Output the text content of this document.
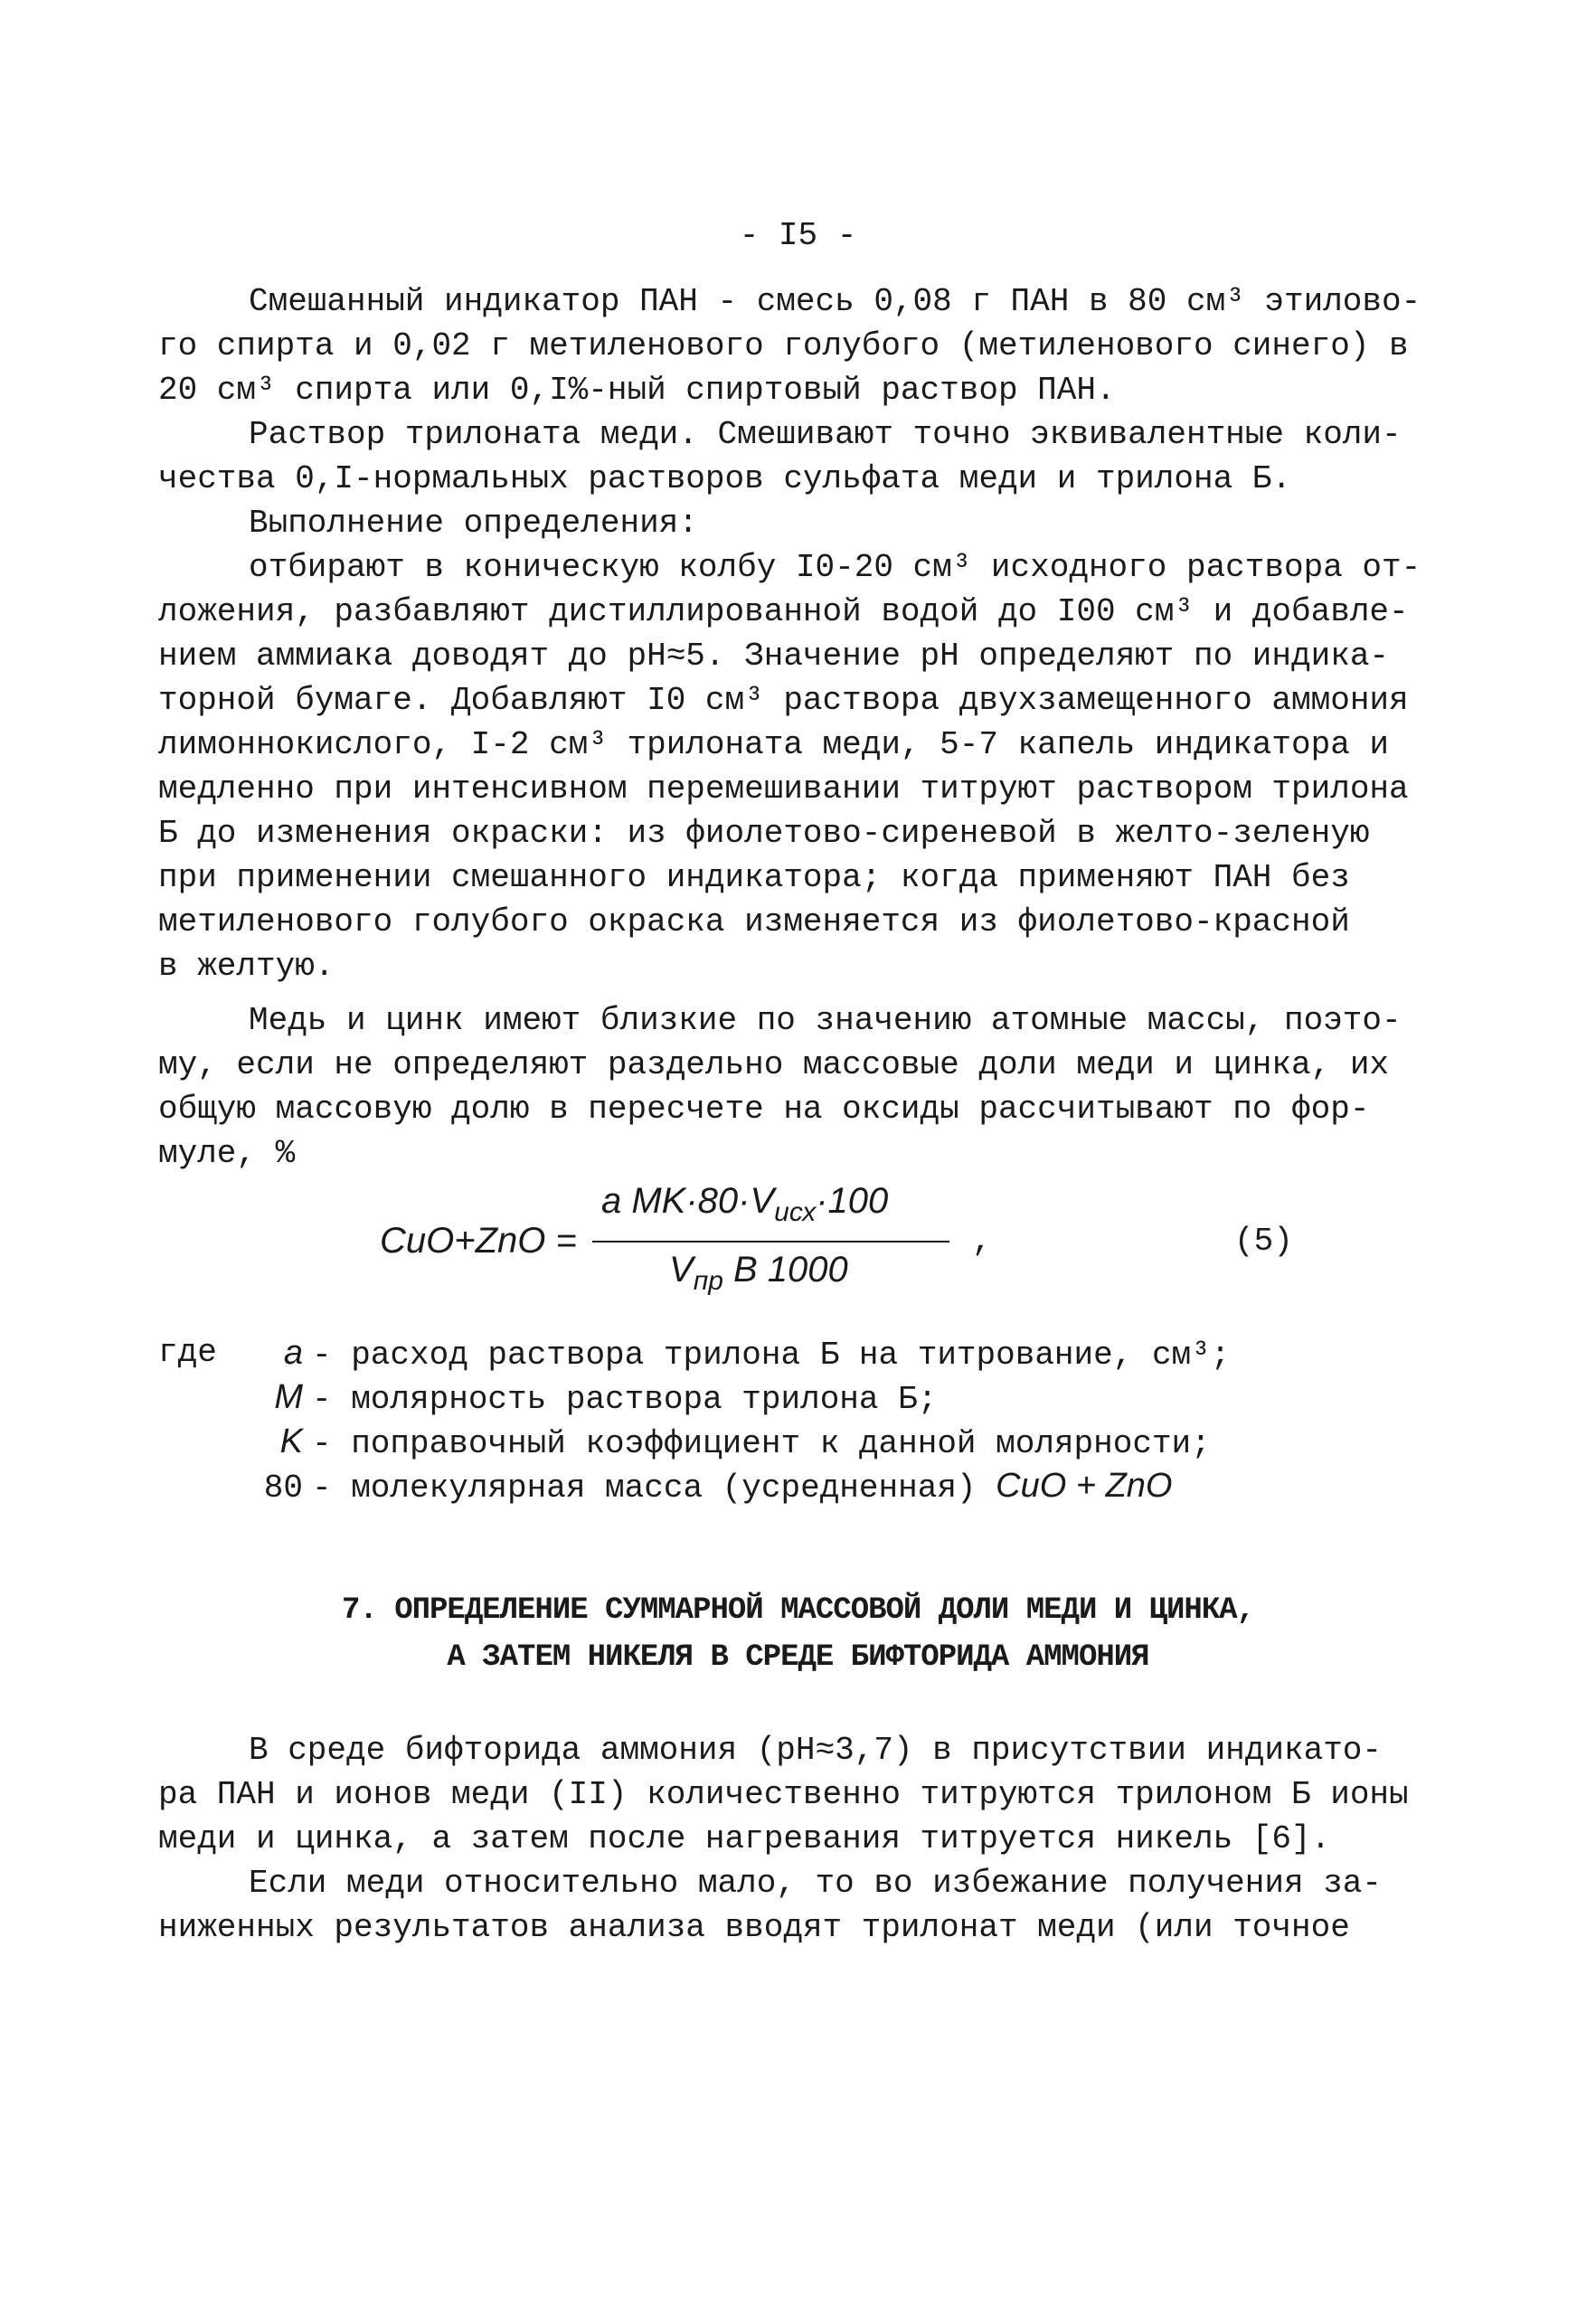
- I5 -
Смешанный индикатор ПАН - смесь 0,08 г ПАН в 80 см³ этилово-
го спирта и 0,02 г метиленового голубого (метиленового синего) в
20 см³ спирта или 0,I%-ный спиртовый раствор ПАН.
Раствор трилоната меди. Смешивают точно эквивалентные коли-
чества 0,I-нормальных растворов сульфата меди и трилона Б.
Выполнение определения:
отбирают в коническую колбу I0-20 см³ исходного раствора от-
ложения, разбавляют дистиллированной водой до I00 см³ и добавле-
нием аммиака доводят до pH≈5. Значение pH определяют по индика-
торной бумаге. Добавляют I0 см³ раствора двухзамещенного аммония
лимоннокислого, I-2 см³ трилоната меди, 5-7 капель индикатора и
медленно при интенсивном перемешивании титруют раствором трилона
Б до изменения окраски: из фиолетово-сиреневой в желто-зеленую
при применении смешанного индикатора; когда применяют ПАН без
метиленового голубого окраска изменяется из фиолетово-красной
в желтую.
Медь и цинк имеют близкие по значению атомные массы, поэто-
му, если не определяют раздельно массовые доли меди и цинка, их
общую массовую долю в пересчете на оксиды рассчитывают по фор-
муле, %
CuO+ZnO =
a $MK\cdot 80\cdot V_{исх}\cdot 100$
$V_{пр}$ B 1000
,	(5)
где	a - расход раствора трилона Б на титрование, см³;
M - молярность раствора трилона Б;
K - поправочный коэффициент к данной молярности;
80 - молекулярная масса (усредненная) CuO + ZnO
7. ОПРЕДЕЛЕНИЕ СУММАРНОЙ МАССОВОЙ ДОЛИ МЕДИ И ЦИНКА,
А ЗАТЕМ НИКЕЛЯ В СРЕДЕ БИФТОРИДА АММОНИЯ
В среде бифторида аммония (pH≈3,7) в присутствии индикато-
ра ПАН и ионов меди (II) количественно титруются трилоном Б ионы
меди и цинка, а затем после нагревания титруется никель [6].
Если меди относительно мало, то во избежание получения за-
ниженных результатов анализа вводят трилонат меди (или точное
